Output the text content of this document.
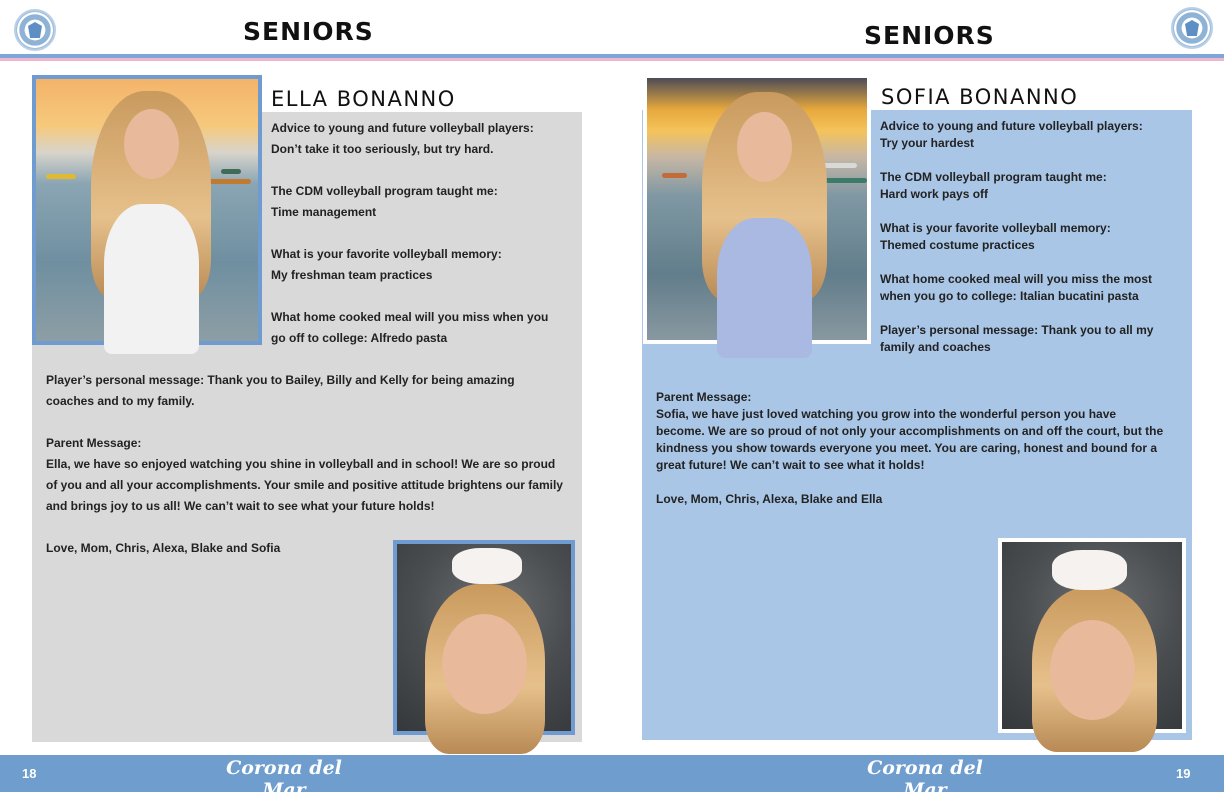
SENIORS
ELLA BONANNO
Advice to young and future volleyball players:
Don’t take it too seriously, but try hard.
The CDM volleyball program taught me:
Time management
What is your favorite volleyball memory:
My freshman team practices
What home cooked meal will you miss when you
go off to college: Alfredo pasta
Player’s personal message: Thank you to Bailey, Billy and Kelly for being amazing
coaches and to my family.
Parent Message:
Ella, we have so enjoyed watching you shine in volleyball and in school! We are so proud
of you and all your accomplishments. Your smile and positive attitude brightens our family
and brings joy to us all! We can’t wait to see what your future holds!
Love, Mom, Chris, Alexa, Blake and Sofia
SENIORS
SOFIA BONANNO
Advice to young and future volleyball players:
Try your hardest
The CDM volleyball program taught me:
Hard work pays off
What is your favorite volleyball memory:
Themed costume practices
What home cooked meal will you miss the most
when you go to college: Italian bucatini pasta
Player’s personal message: Thank you to all my
family and coaches
Parent Message:
Sofia, we have just loved watching you grow into the wonderful person you have
become. We are so proud of not only your accomplishments on and off the court, but the
kindness you show towards everyone you meet. You are caring, honest and bound for a
great future! We can’t wait to see what it holds!
Love, Mom, Chris, Alexa, Blake and Ella
18	Corona del Mar
VOLLEYBALL
Corona del Mar
VOLLEYBALL
19
